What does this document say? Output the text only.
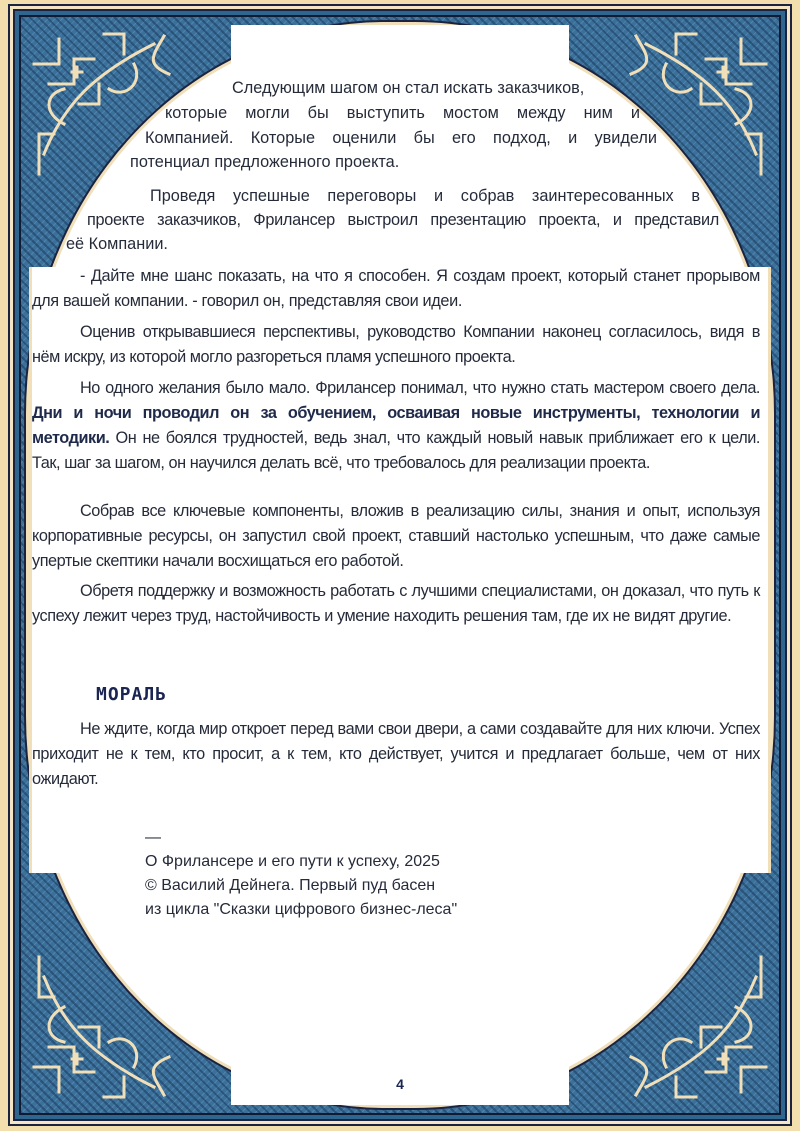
Следующим шагом он стал искать заказчиков,
которые могли бы выступить мостом между ним и
Компанией. Которые оценили бы его подход, и увидели
потенциал предложенного проекта.
Проведя успешные переговоры и собрав заинтересованных в
проекте заказчиков, Фрилансер выстроил презентацию проекта, и представил
её Компании.
- Дайте мне шанс показать, на что я способен. Я создам проект, который станет прорывом для вашей компании. - говорил он, представляя свои идеи.
Оценив открывавшиеся перспективы, руководство Компании наконец согласилось, видя в нём искру, из которой могло разгореться пламя успешного проекта.
Но одного желания было мало. Фрилансер понимал, что нужно стать мастером своего дела. Дни и ночи проводил он за обучением, осваивая новые инструменты, технологии и методики. Он не боялся трудностей, ведь знал, что каждый новый навык приближает его к цели. Так, шаг за шагом, он научился делать всё, что требовалось для реализации проекта.
Собрав все ключевые компоненты, вложив в реализацию силы, знания и опыт, используя корпоративные ресурсы, он запустил свой проект, ставший настолько успешным, что даже самые упертые скептики начали восхищаться его работой.
Обретя поддержку и возможность работать с лучшими специалистами, он доказал, что путь к успеху лежит через труд, настойчивость и умение находить решения там, где их не видят другие.
МОРАЛЬ
Не ждите, когда мир откроет перед вами свои двери, а сами создавайте для них ключи. Успех приходит не к тем, кто просит, а к тем, кто действует, учится и предлагает больше, чем от них ожидают.
—
О Фрилансере и его пути к успеху, 2025
© Василий Дейнега. Первый пуд басен
из цикла "Сказки цифрового бизнес-леса"
4
